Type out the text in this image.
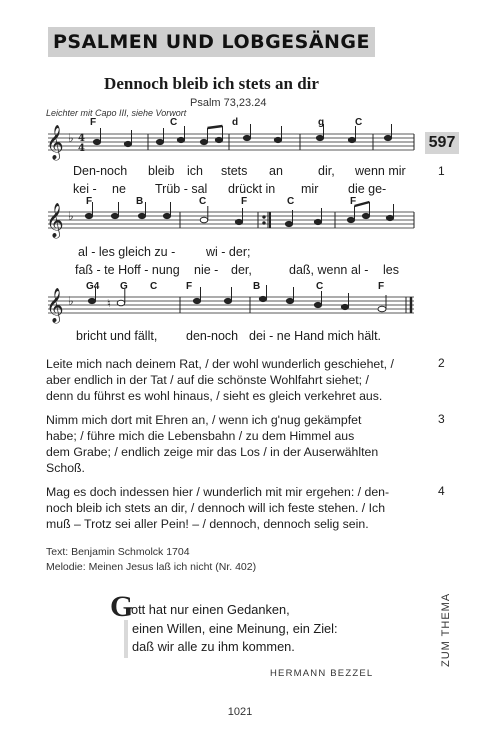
PSALMEN UND LOBGESÄNGE
Dennoch bleib ich stets an dir
Psalm 73,23.24
Leichter mit Capo III, siehe Vorwort
597
𝄞
𝄞
𝄞
♭
♭
♭
4
4
♮
F	C	d	g	C
F	B	C	F	C	F
G4 G C	F	B	C	F
Den-noch bleib ich stets an	dir, wenn mir	1
kei - ne Trüb - sal drückt in mir die ge-
al - les gleich zu - wi - der;
faß - te Hoff - nung nie - der,	daß, wenn al - les
bricht und fällt, den-noch dei - ne Hand mich hält.
Leite mich nach deinem Rat, / der wohl wunderlich geschiehet, /
aber endlich in der Tat / auf die schönste Wohlfahrt siehet; /
denn du führst es wohl hinaus, / sieht es gleich verkehret aus.
2
Nimm mich dort mit Ehren an, / wenn ich g'nug gekämpfet
habe; / führe mich die Lebensbahn / zu dem Himmel aus
dem Grabe; / endlich zeige mir das Los / in der Auserwählten
Schoß.
3
Mag es doch indessen hier / wunderlich mit mir ergehen: / den-
noch bleib ich stets an dir, / dennoch will ich feste stehen. / Ich
muß – Trotz sei aller Pein! – / dennoch, dennoch selig sein.
4
Text: Benjamin Schmolck 1704
Melodie: Meinen Jesus laß ich nicht (Nr. 402)
G
ott hat nur einen Gedanken,
einen Willen, eine Meinung, ein Ziel:
daß wir alle zu ihm kommen.
HERMANN BEZZEL
ZUM THEMA
1021
